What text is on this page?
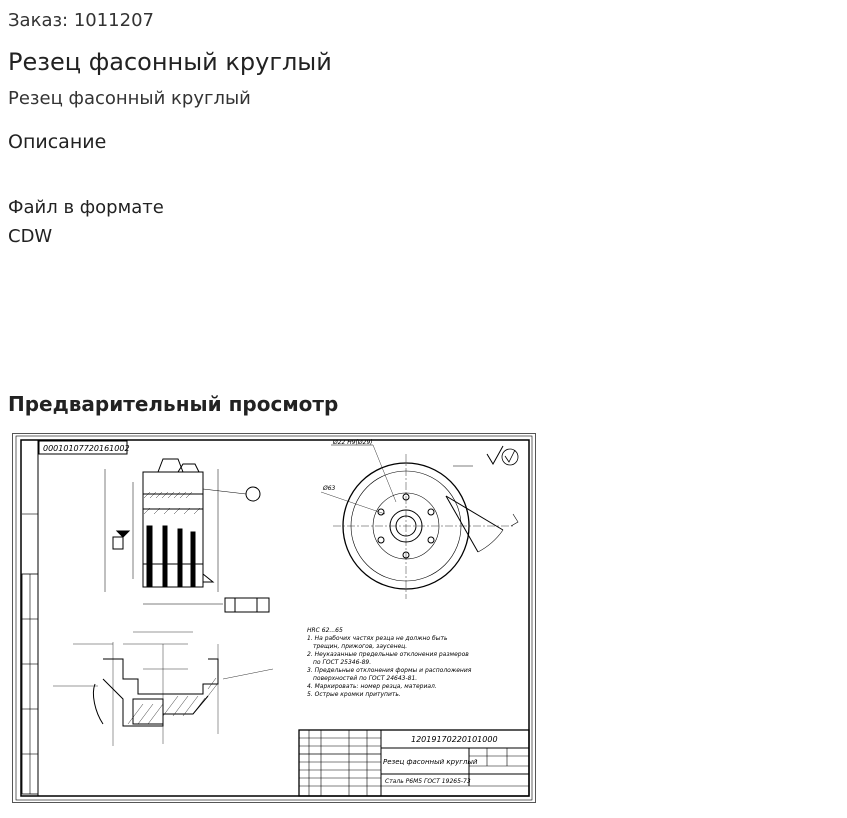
Заказ: 1011207
Резец фасонный круглый
Резец фасонный круглый
Описание
Файл в формате CDW
Предварительный просмотр
00010107720161002
Ø22 H9(Ø29)
Ø63
HRC 62...65
1. На рабочих частях резца не должно быть
трещин, прижогов, заусенец.
2. Неуказанные предельные отклонения размеров
по ГОСТ 25346-89.
3. Предельные отклонения формы и расположения
поверхностей по ГОСТ 24643-81.
4. Маркировать: номер резца, материал.
5. Острые кромки притупить.
12019170220101000
Резец фасонный круглый
Сталь Р6М5 ГОСТ 19265-73
